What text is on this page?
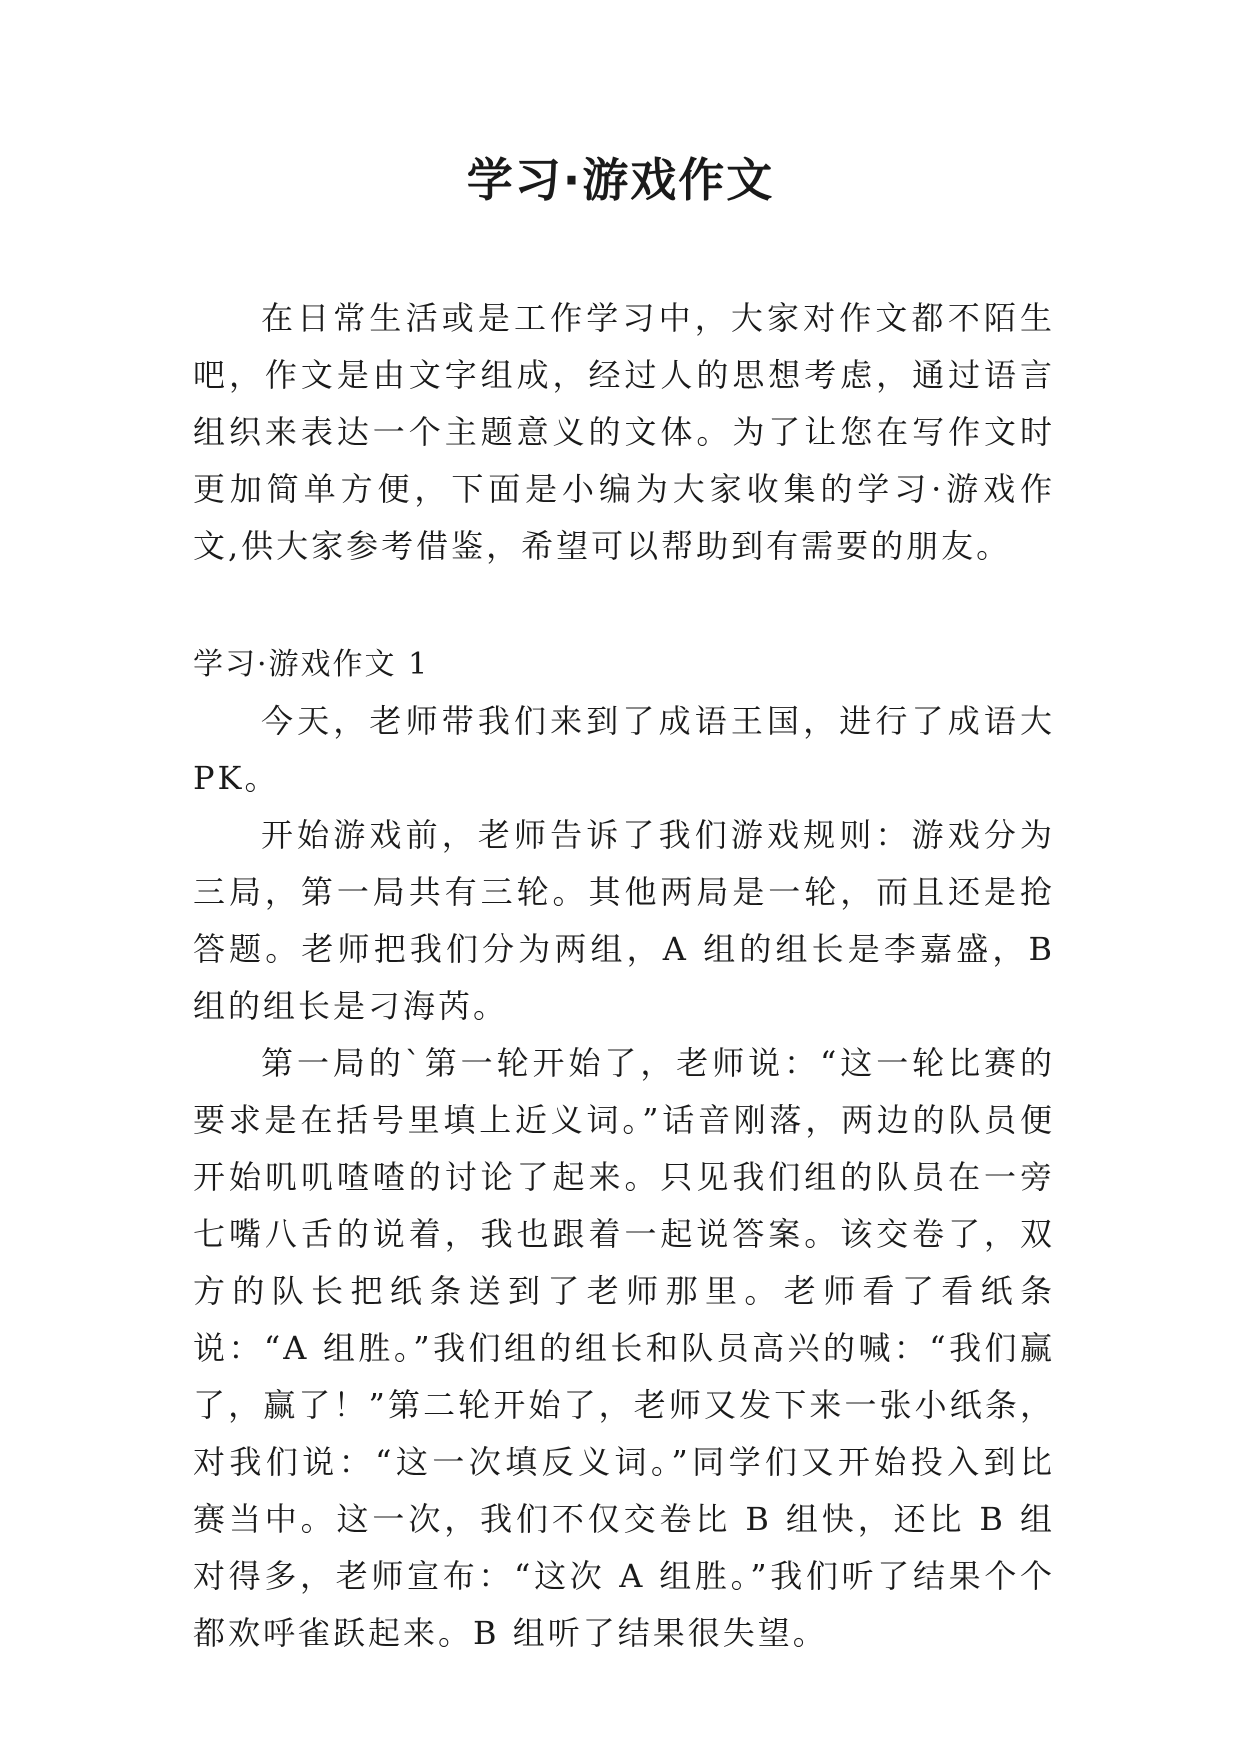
学习·游戏作文

在日常生活或是工作学习中，大家对作文都不陌生吧，作文是由文字组成，经过人的思想考虑，通过语言组织来表达一个主题意义的文体。为了让您在写作文时更加简单方便，下面是小编为大家收集的学习·游戏作文,供大家参考借鉴，希望可以帮助到有需要的朋友。

学习·游戏作文 1

今天，老师带我们来到了成语王国，进行了成语大 PK。

开始游戏前，老师告诉了我们游戏规则：游戏分为三局，第一局共有三轮。其他两局是一轮，而且还是抢答题。老师把我们分为两组，A 组的组长是李嘉盛，B 组的组长是刁海芮。

第一局的`第一轮开始了，老师说：“这一轮比赛的要求是在括号里填上近义词。”话音刚落，两边的队员便开始叽叽喳喳的讨论了起来。只见我们组的队员在一旁七嘴八舌的说着，我也跟着一起说答案。该交卷了，双方的队长把纸条送到了老师那里。老师看了看纸条说：“A 组胜。”我们组的组长和队员高兴的喊：“我们赢了，赢了！”第二轮开始了，老师又发下来一张小纸条，对我们说：“这一次填反义词。”同学们又开始投入到比赛当中。这一次，我们不仅交卷比 B 组快，还比 B 组对得多，老师宣布：“这次 A 组胜。”我们听了结果个个都欢呼雀跃起来。B 组听了结果很失望。
